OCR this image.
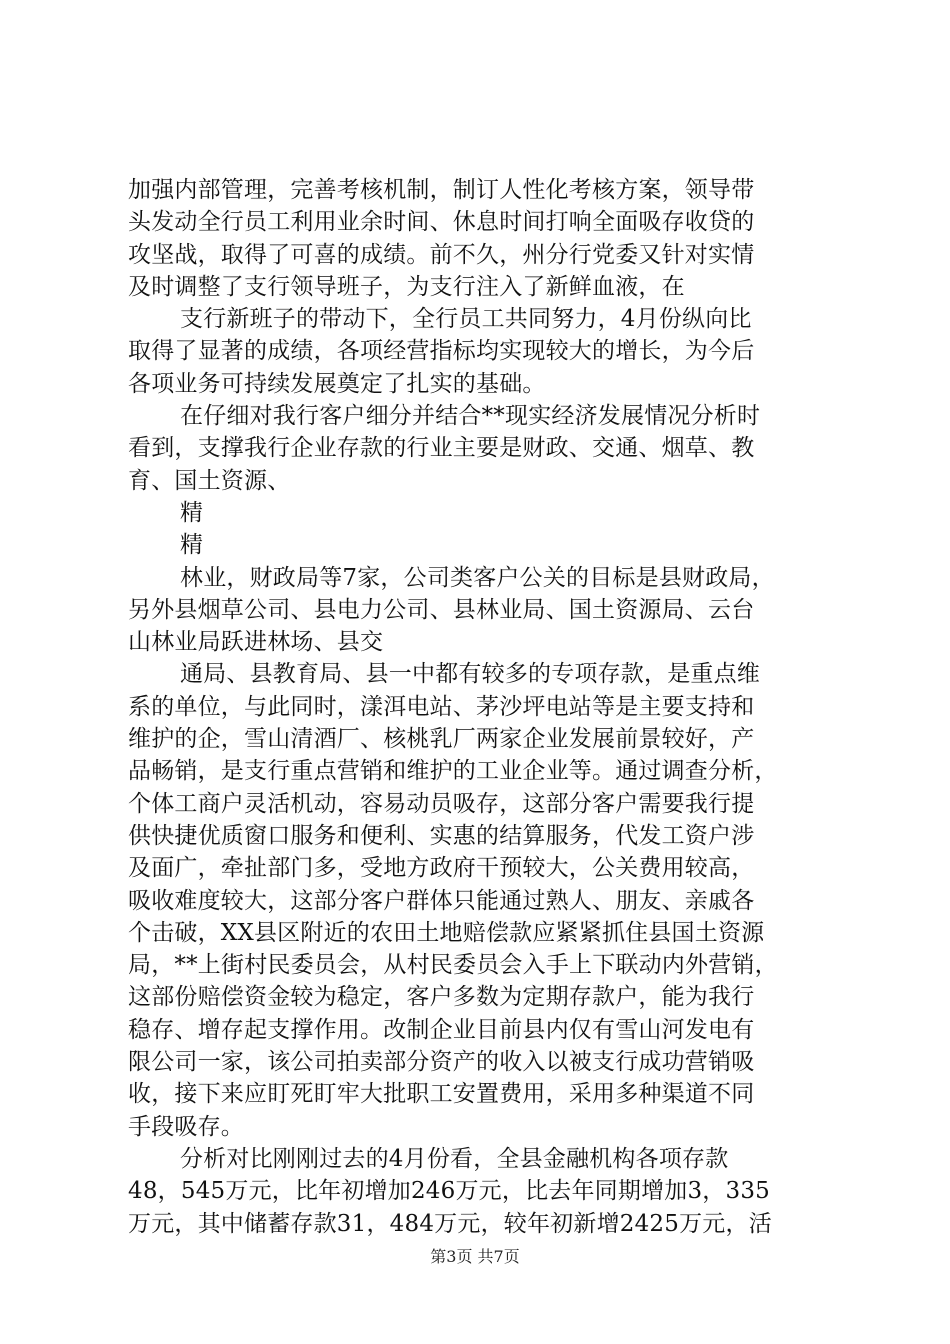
加强内部管理，完善考核机制，制订人性化考核方案，领导带
头发动全行员工利用业余时间、休息时间打响全面吸存收贷的
攻坚战，取得了可喜的成绩。前不久，州分行党委又针对实情
及时调整了支行领导班子，为支行注入了新鲜血液，在
支行新班子的带动下，全行员工共同努力，4月份纵向比
取得了显著的成绩，各项经营指标均实现较大的增长，为今后
各项业务可持续发展奠定了扎实的基础。
在仔细对我行客户细分并结合**现实经济发展情况分析时
看到，支撑我行企业存款的行业主要是财政、交通、烟草、教
育、国土资源、
精
精
林业，财政局等7家，公司类客户公关的目标是县财政局，
另外县烟草公司、县电力公司、县林业局、国土资源局、云台
山林业局跃进林场、县交
通局、县教育局、县一中都有较多的专项存款，是重点维
系的单位，与此同时，漾洱电站、茅沙坪电站等是主要支持和
维护的企，雪山清酒厂、核桃乳厂两家企业发展前景较好，产
品畅销，是支行重点营销和维护的工业企业等。通过调查分析，
个体工商户灵活机动，容易动员吸存，这部分客户需要我行提
供快捷优质窗口服务和便利、实惠的结算服务，代发工资户涉
及面广，牵扯部门多，受地方政府干预较大，公关费用较高，
吸收难度较大，这部分客户群体只能通过熟人、朋友、亲戚各
个击破，XX县区附近的农田土地赔偿款应紧紧抓住县国土资源
局，**上街村民委员会，从村民委员会入手上下联动内外营销，
这部份赔偿资金较为稳定，客户多数为定期存款户，能为我行
稳存、增存起支撑作用。改制企业目前县内仅有雪山河发电有
限公司一家，该公司拍卖部分资产的收入以被支行成功营销吸
收，接下来应盯死盯牢大批职工安置费用，采用多种渠道不同
手段吸存。
分析对比刚刚过去的4月份看，全县金融机构各项存款
48，545万元，比年初增加246万元，比去年同期增加3，335
万元，其中储蓄存款31，484万元，较年初新增2425万元，活
第3页 共7页
